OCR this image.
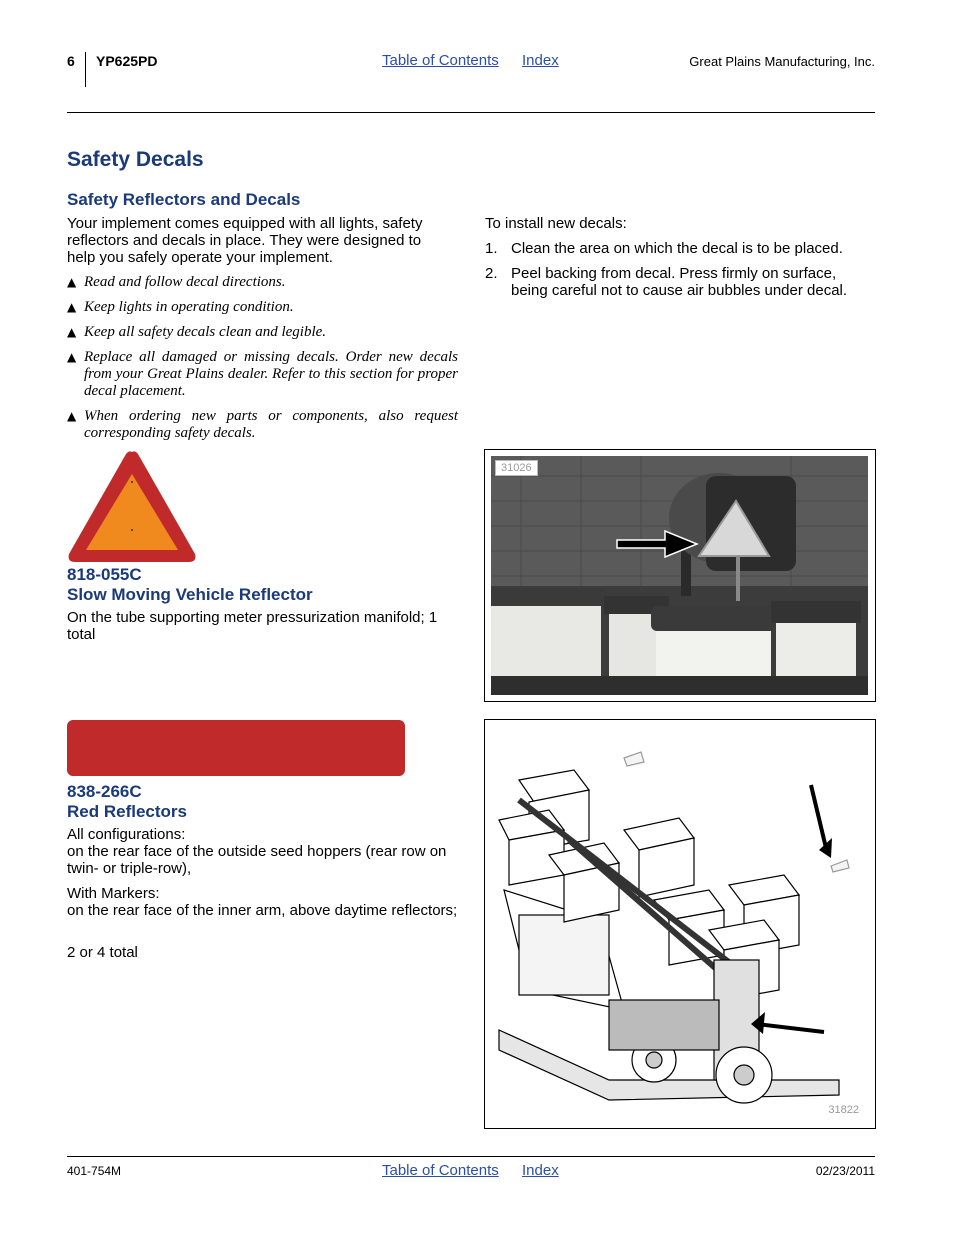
6 YP625PD	Table of Contents Index	Great Plains Manufacturing, Inc.
Safety Decals
Safety Reflectors and Decals
Your implement comes equipped with all lights, safety reflectors and decals in place. They were designed to help you safely operate your implement.
▲ Read and follow decal directions.
▲ Keep lights in operating condition.
▲ Keep all safety decals clean and legible.
▲ Replace all damaged or missing decals. Order new decals from your Great Plains dealer. Refer to this section for proper decal placement.
▲ When ordering new parts or components, also request corresponding safety decals.
To install new decals:
1. Clean the area on which the decal is to be placed.
2. Peel backing from decal. Press firmly on surface, being careful not to cause air bubbles under decal.
818-055C
Slow Moving Vehicle Reflector
On the tube supporting meter pressurization manifold; 1 total
31026
838-266C
Red Reflectors
All configurations:
on the rear face of the outside seed hoppers (rear row on twin- or triple-row),
With Markers:
on the rear face of the inner arm, above daytime reflectors;
2 or 4 total
31822
401-754M	Table of Contents Index	02/23/2011
